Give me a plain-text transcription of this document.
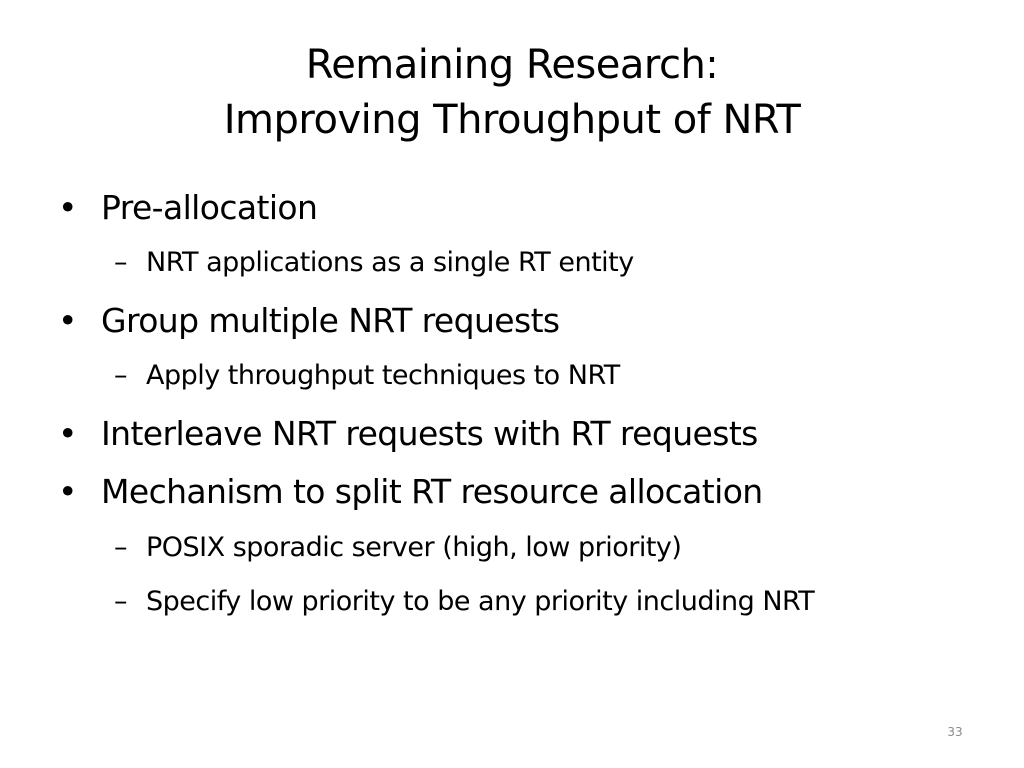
Remaining Research:
Improving Throughput of NRT
• Pre-allocation
– NRT applications as a single RT entity
• Group multiple NRT requests
– Apply throughput techniques to NRT
• Interleave NRT requests with RT requests
• Mechanism to split RT resource allocation
– POSIX sporadic server (high, low priority)
– Specify low priority to be any priority including NRT
33
